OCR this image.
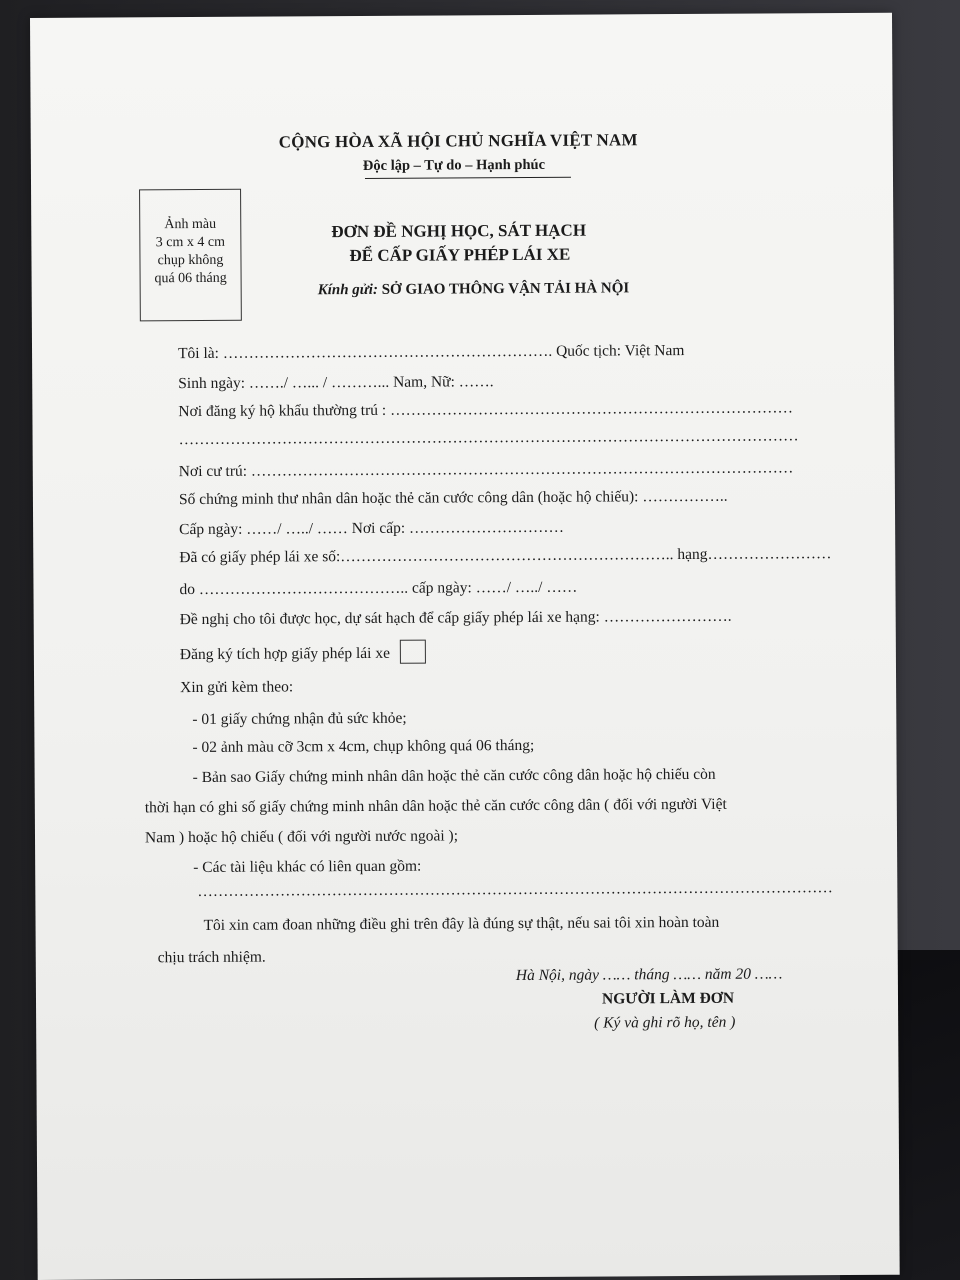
CỘNG HÒA XÃ HỘI CHỦ NGHĨA VIỆT NAM
Độc lập – Tự do – Hạnh phúc
Ảnh màu
3 cm x 4 cm
chụp không
quá 06 tháng
ĐƠN ĐỀ NGHỊ HỌC, SÁT HẠCH
ĐỂ CẤP GIẤY PHÉP LÁI XE
Kính gửi: SỞ GIAO THÔNG VẬN TẢI HÀ NỘI
Tôi là: ………………………………………………………. Quốc tịch: Việt Nam
Sinh ngày: ……./ …... / ………... Nam, Nữ: …….
Nơi đăng ký hộ khẩu thường trú : ……………………………………………………………………
…………………………………………………………………………………………………………
Nơi cư trú: ……………………………………………………………………………………………
Số chứng minh thư nhân dân hoặc thẻ căn cước công dân (hoặc hộ chiếu): ……………..
Cấp ngày: ……/ …../ …… Nơi cấp: …………………………
Đã có giấy phép lái xe số:……………………………………………………….. hạng……………………
do ………………………………….. cấp ngày: ……/ …../ ……
Đề nghị cho tôi được học, dự sát hạch để cấp giấy phép lái xe hạng: …………………….
Đăng ký tích hợp giấy phép lái xe
Xin gửi kèm theo:
- 01 giấy chứng nhận đủ sức khỏe;
- 02 ảnh màu cỡ 3cm x 4cm, chụp không quá 06 tháng;
- Bản sao Giấy chứng minh nhân dân hoặc thẻ căn cước công dân hoặc hộ chiếu còn
thời hạn có ghi số giấy chứng minh nhân dân hoặc thẻ căn cước công dân ( đối với người Việt
Nam ) hoặc hộ chiếu ( đối với người nước ngoài );
- Các tài liệu khác có liên quan gồm:
……………………………………………………………………………………………………………
Tôi xin cam đoan những điều ghi trên đây là đúng sự thật, nếu sai tôi xin hoàn toàn
chịu trách nhiệm.
Hà Nội, ngày …… tháng …… năm 20 ……
NGƯỜI LÀM ĐƠN
( Ký và ghi rõ họ, tên )
